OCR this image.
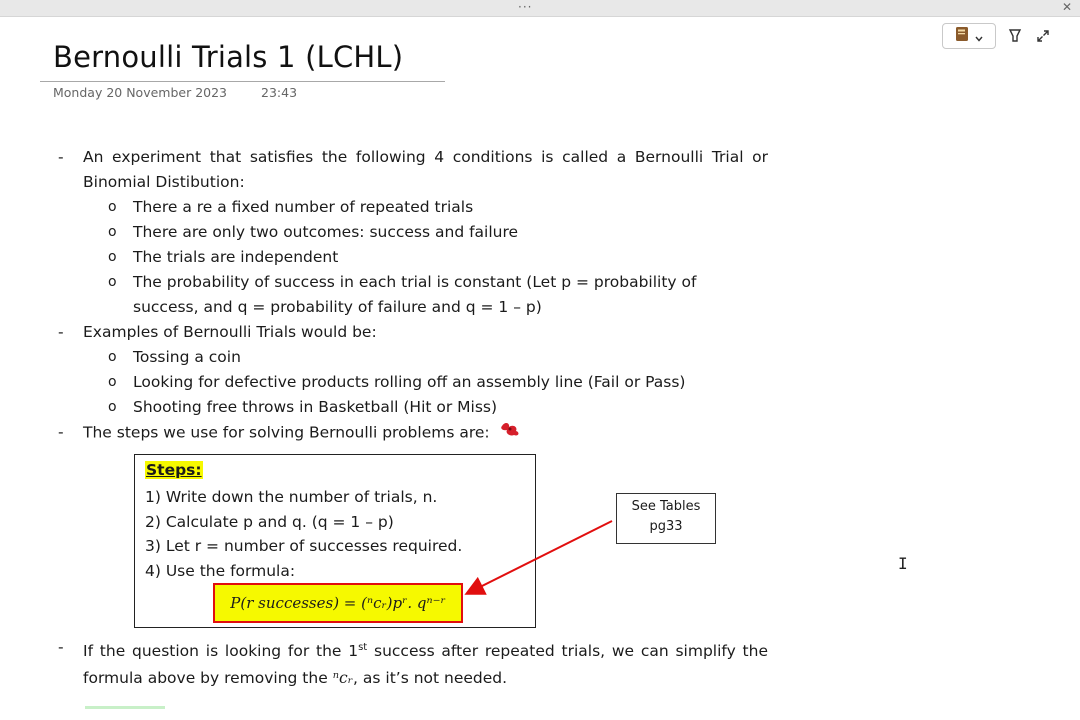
···	✕
Bernoulli Trials 1 (LCHL)
Monday 20 November 2023	23:43
- An experiment that satisfies the following 4 conditions is called a Bernoulli Trial or Binomial Distibution:
o There a re a fixed number of repeated trials
o There are only two outcomes: success and failure
o The trials are independent
o The probability of success in each trial is constant (Let p = probability of success, and q = probability of failure and q = 1 – p)
- Examples of Bernoulli Trials would be:
o Tossing a coin
o Looking for defective products rolling off an assembly line (Fail or Pass)
o Shooting free throws in Basketball (Hit or Miss)
- The steps we use for solving Bernoulli problems are:
Steps:
1) Write down the number of trials, n.
2) Calculate p and q. (q = 1 – p)
3) Let r = number of successes required.
4) Use the formula:
P(r successes) = (ⁿcᵣ)pʳ. qⁿ⁻ʳ
See Tables
pg33
- If the question is looking for the 1st success after repeated trials, we can simplify the formula above by removing the ⁿcᵣ, as it’s not needed.
I
